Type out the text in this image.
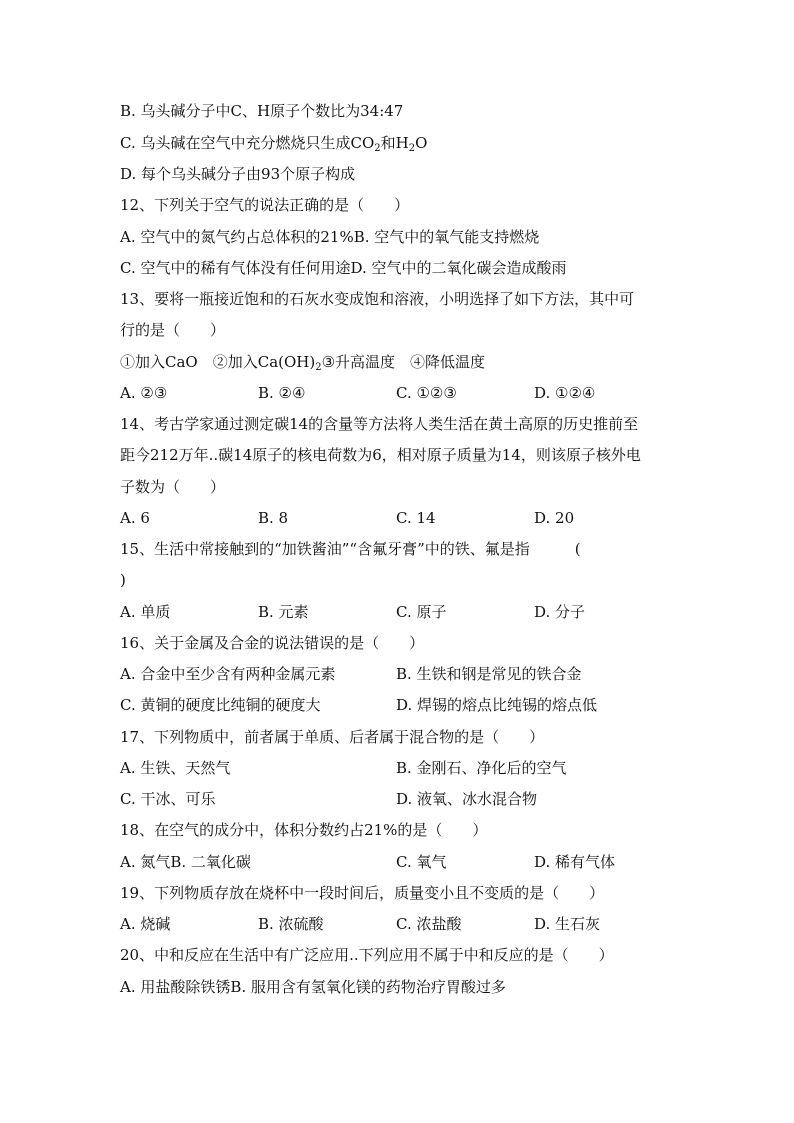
B. 乌头碱分子中C、H原子个数比为34:47
C. 乌头碱在空气中充分燃烧只生成$CO_2$和$H_2O$
D. 每个乌头碱分子由93个原子构成
12、下列关于空气的说法正确的是（　　）
A. 空气中的氮气约占总体积的21%B. 空气中的氧气能支持燃烧
C. 空气中的稀有气体没有任何用途D. 空气中的二氧化碳会造成酸雨
13、要将一瓶接近饱和的石灰水变成饱和溶液，小明选择了如下方法，其中可
行的是（　　）
①加入CaO　②加入$Ca(OH)_2③$升高温度　④降低温度
A. ②③	B. ②④	C. ①②③	D. ①②④
14、考古学家通过测定碳14的含量等方法将人类生活在黄土高原的历史推前至
距今212万年..碳14原子的核电荷数为6，相对原子质量为14，则该原子核外电
子数为（　　）
A. 6	B. 8	C. 14	D. 20
15、生活中常接触到的“加铁酱油”“含氟牙膏”中的铁、氟是指　　　(
)
A. 单质	B. 元素	C. 原子	D. 分子
16、关于金属及合金的说法错误的是（　　）
A. 合金中至少含有两种金属元素	B. 生铁和钢是常见的铁合金
C. 黄铜的硬度比纯铜的硬度大	D. 焊锡的熔点比纯锡的熔点低
17、下列物质中，前者属于单质、后者属于混合物的是（　　）
A. 生铁、天然气	B. 金刚石、净化后的空气
C. 干冰、可乐	D. 液氧、冰水混合物
18、在空气的成分中，体积分数约占21%的是（　　）
A. 氮气B. 二氧化碳	C. 氧气	D. 稀有气体
19、下列物质存放在烧杯中一段时间后，质量变小且不变质的是（　　）
A. 烧碱	B. 浓硫酸	C. 浓盐酸	D. 生石灰
20、中和反应在生活中有广泛应用..下列应用不属于中和反应的是（　　）
A. 用盐酸除铁锈B. 服用含有氢氧化镁的药物治疗胃酸过多
